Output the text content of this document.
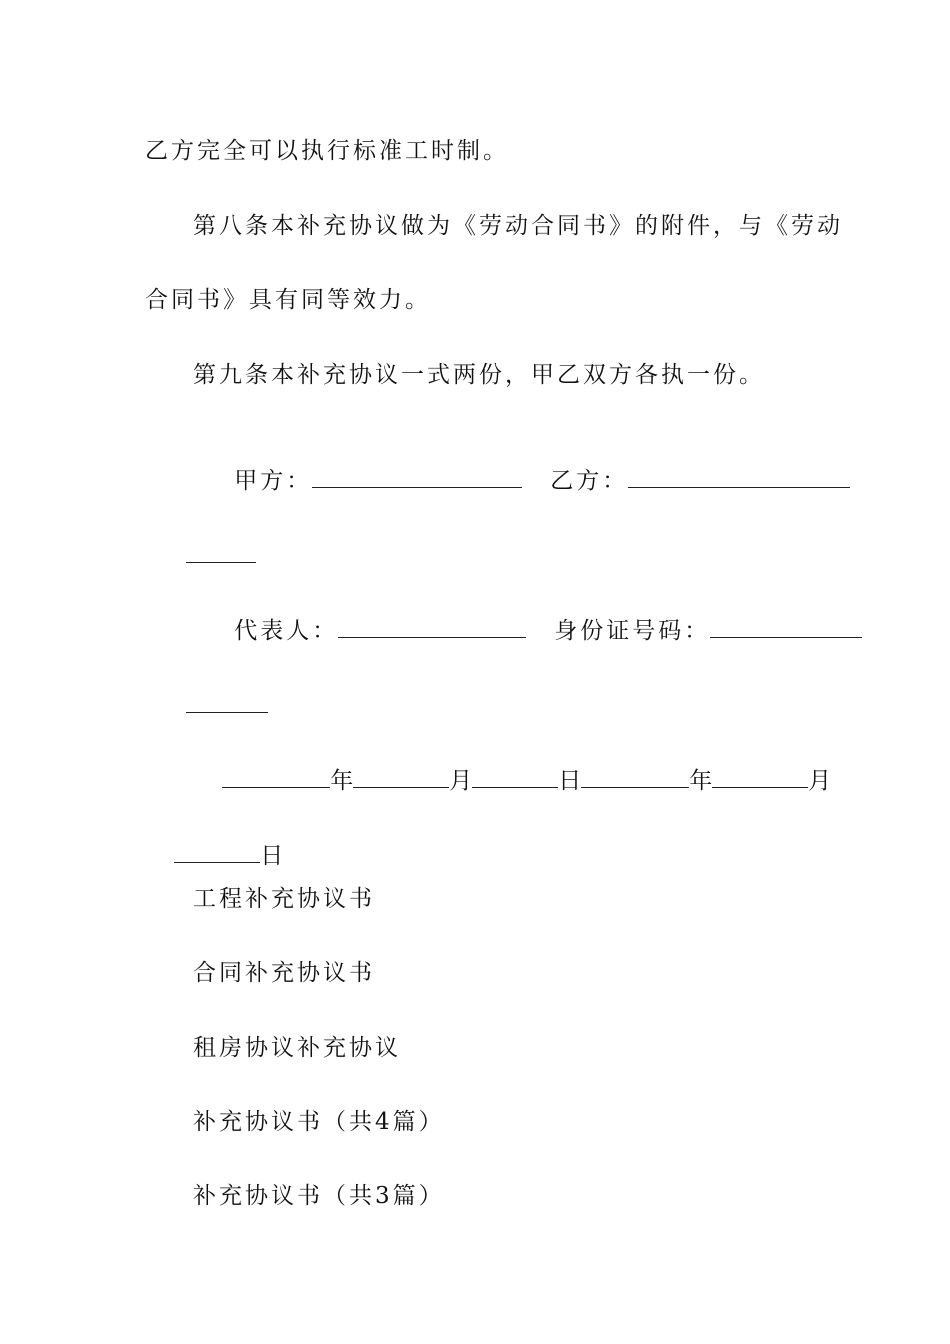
乙方完全可以执行标准工时制。
第八条本补充协议做为《劳动合同书》的附件，与《劳动
合同书》具有同等效力。
第九条本补充协议一式两份，甲乙双方各执一份。

甲方：	乙方：

代表人：	身份证号码：

年	月	日	年	月

日

工程补充协议书
合同补充协议书
租房协议补充协议
补充协议书（共4篇）
补充协议书（共3篇）
